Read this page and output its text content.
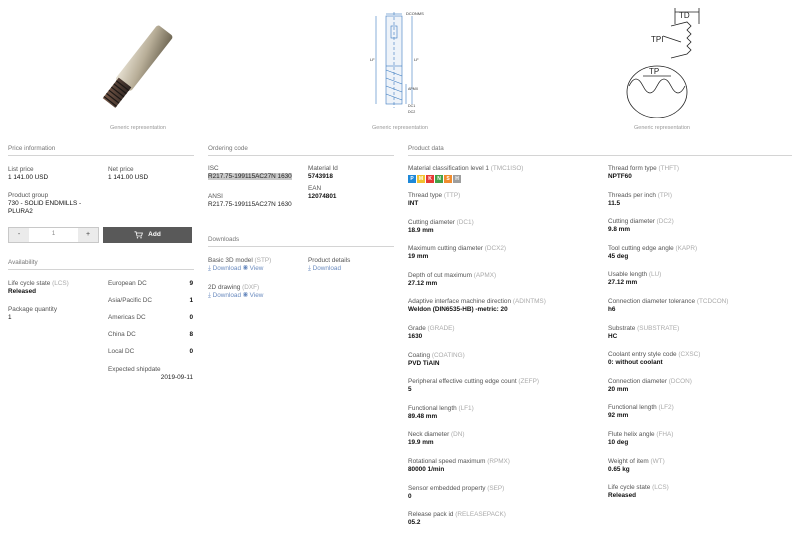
Generic representation
DCONMS
LF	LF
APMX
DC1
DC2
Generic representation
TD
TPI
TP
Generic representation
Price information
List price
1 141.00 USD
Net price
1 141.00 USD
Product group
730 - SOLID ENDMILLS - PLURA2
-	1	+	Add
Availability
Life cycle state (LCS)
Released
Package quantity
1
European DC	9
Asia/Pacific DC	1
Americas DC	0
China DC	8
Local DC	0
Expected shipdate
2019-09-11
Ordering code
ISC
R217.75-199115AC27N 1630
ANSI
R217.75-199115AC27N 1630
Material Id
5743918
EAN
12074801
Downloads
Basic 3D model (STP)
⤓ Download ◉ View
Product details
⤓ Download
2D drawing (DXF)
⤓ Download ◉ View
Product data
Material classification level 1 (TMC1ISO)
P	M	K	N	S	H
Thread type (TTP)
INT
Cutting diameter (DC1)
18.9 mm
Maximum cutting diameter (DCX2)
19 mm
Depth of cut maximum (APMX)
27.12 mm
Adaptive interface machine direction (ADINTMS)
Weldon (DIN6535-HB) -metric: 20
Grade (GRADE)
1630
Coating (COATING)
PVD TiAlN
Peripheral effective cutting edge count (ZEFP)
5
Functional length (LF1)
89.48 mm
Neck diameter (DN)
19.9 mm
Rotational speed maximum (RPMX)
80000 1/min
Sensor embedded property (SEP)
0
Release pack id (RELEASEPACK)
05.2
Thread form type (THFT)
NPTF60
Threads per inch (TPI)
11.5
Cutting diameter (DC2)
9.8 mm
Tool cutting edge angle (KAPR)
45 deg
Usable length (LU)
27.12 mm
Connection diameter tolerance (TCDCON)
h6
Substrate (SUBSTRATE)
HC
Coolant entry style code (CXSC)
0: without coolant
Connection diameter (DCON)
20 mm
Functional length (LF2)
92 mm
Flute helix angle (FHA)
10 deg
Weight of item (WT)
0.65 kg
Life cycle state (LCS)
Released
